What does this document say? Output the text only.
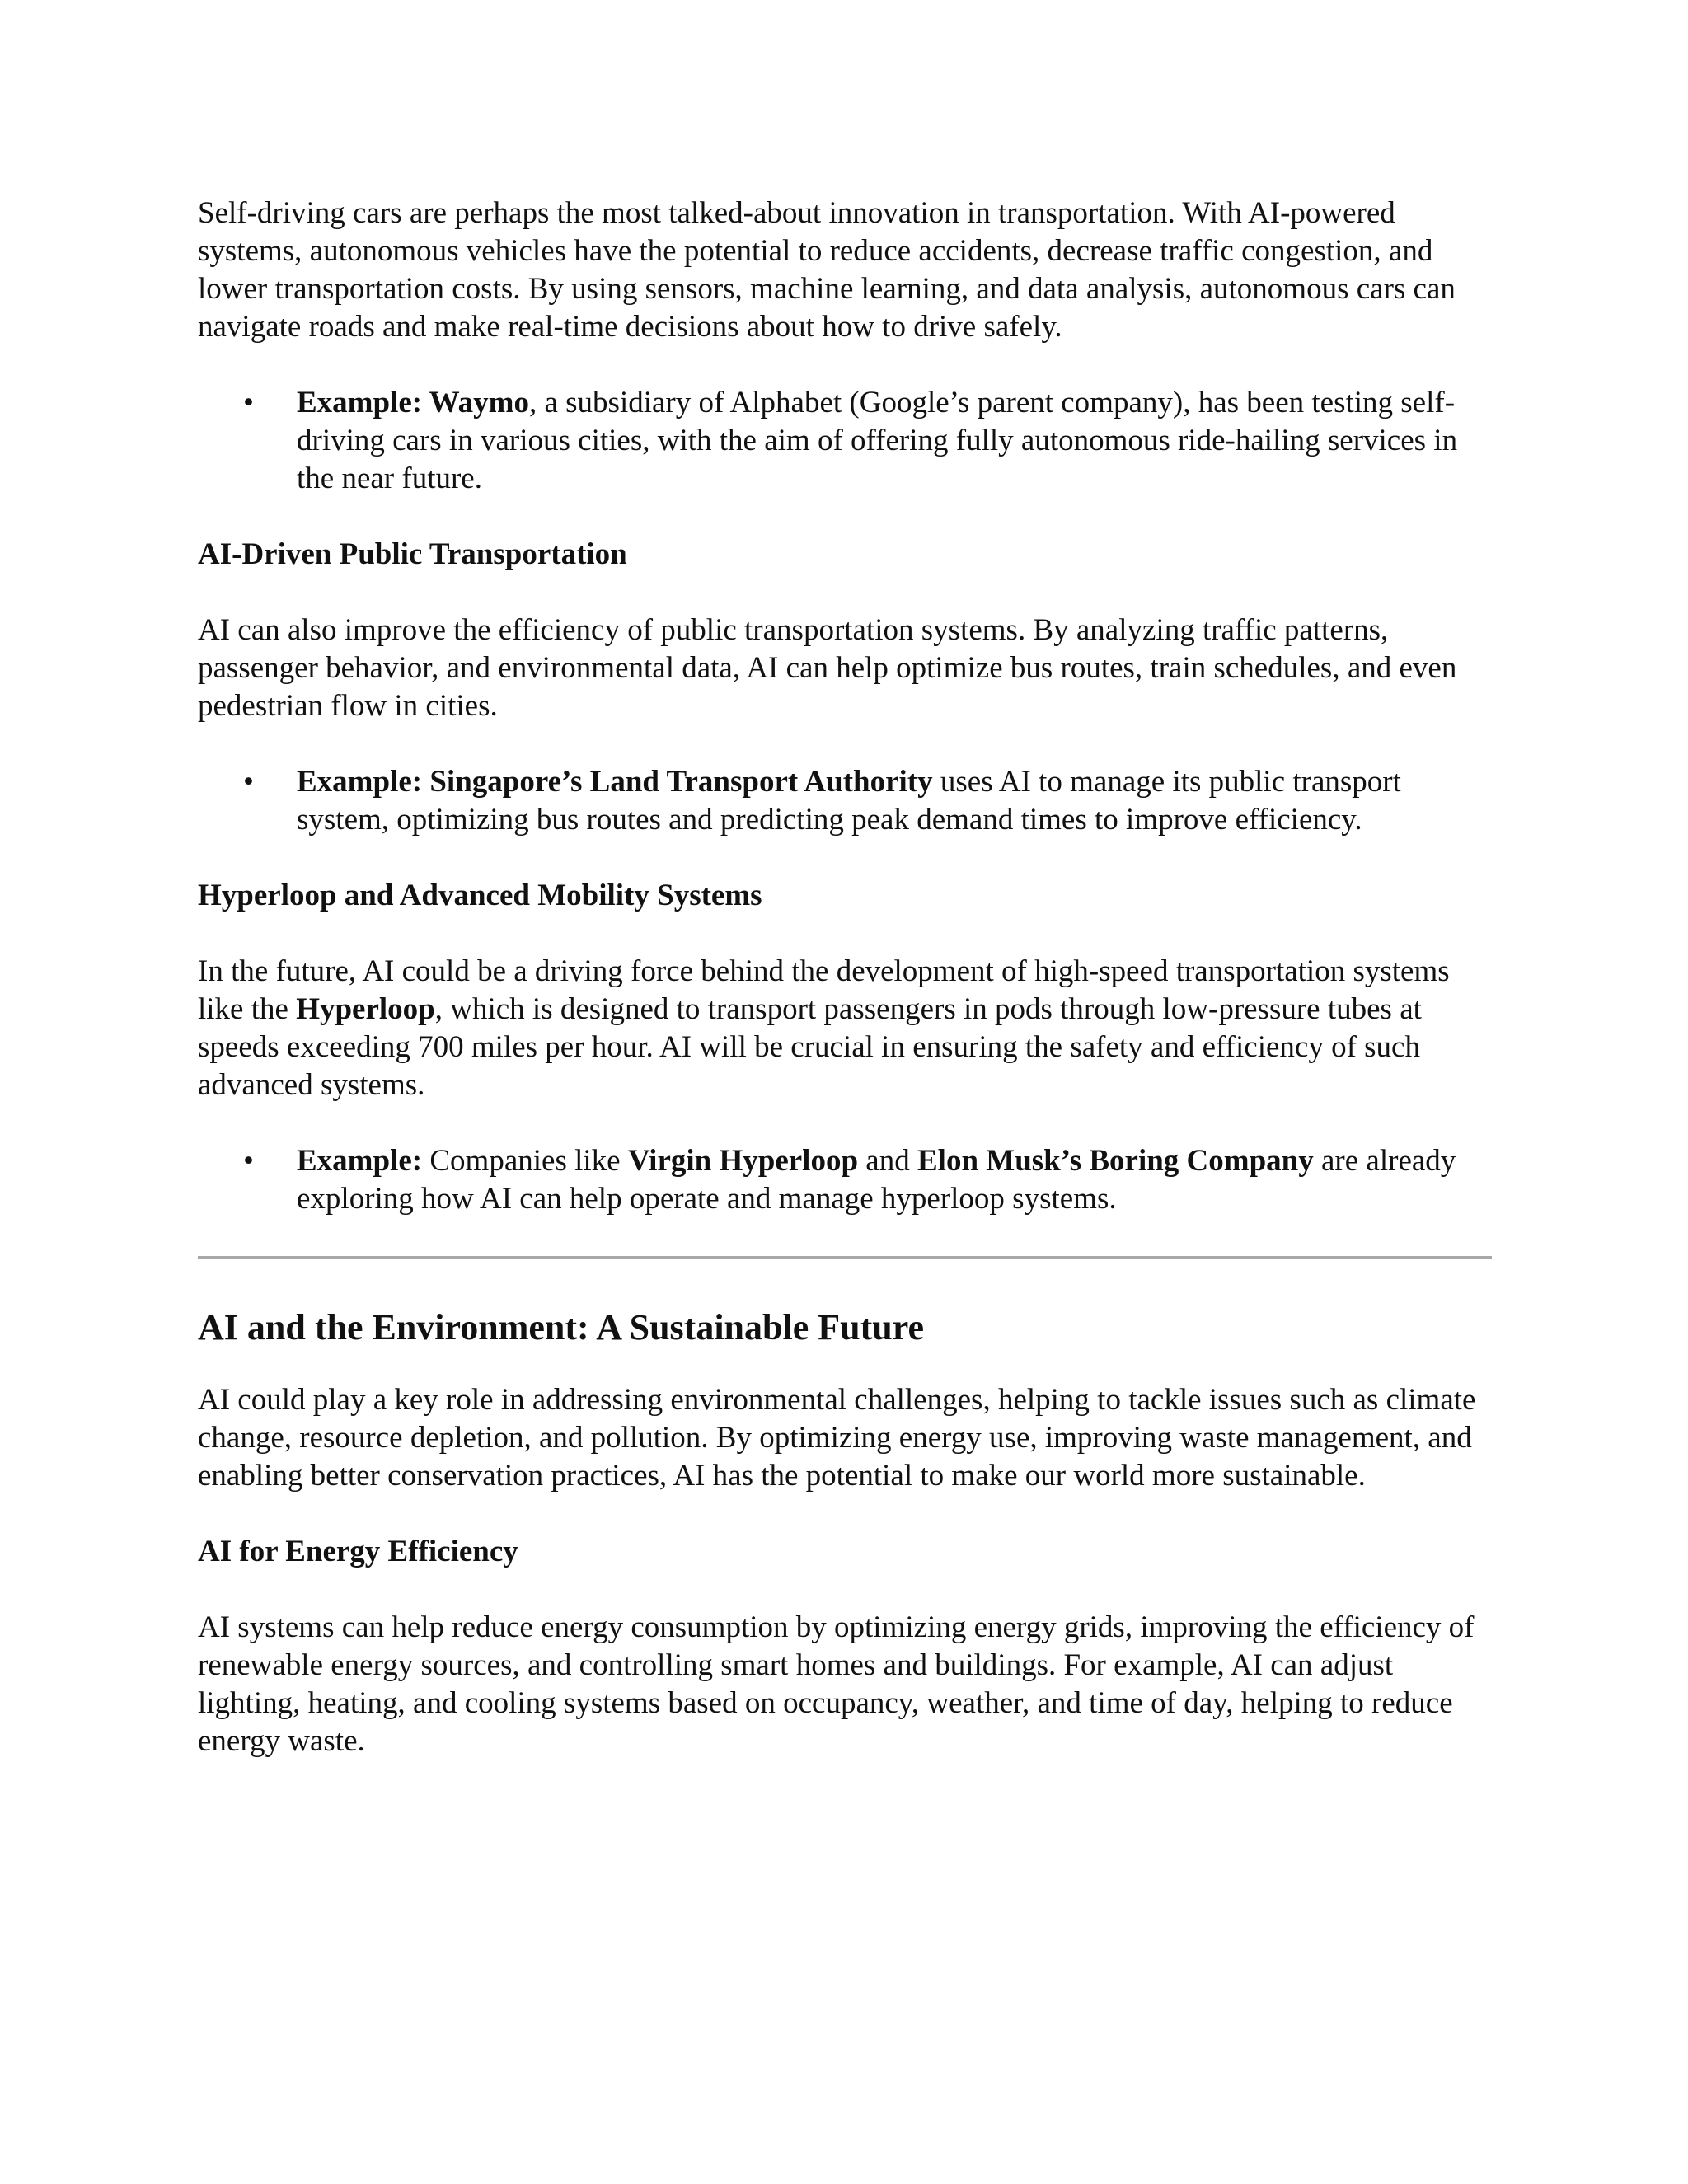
Self-driving cars are perhaps the most talked-about innovation in transportation. With AI-powered systems, autonomous vehicles have the potential to reduce accidents, decrease traffic congestion, and lower transportation costs. By using sensors, machine learning, and data analysis, autonomous cars can navigate roads and make real-time decisions about how to drive safely.

• Example: Waymo, a subsidiary of Alphabet (Google’s parent company), has been testing self-driving cars in various cities, with the aim of offering fully autonomous ride-hailing services in the near future.
AI-Driven Public Transportation

AI can also improve the efficiency of public transportation systems. By analyzing traffic patterns, passenger behavior, and environmental data, AI can help optimize bus routes, train schedules, and even pedestrian flow in cities.

• Example: Singapore’s Land Transport Authority uses AI to manage its public transport system, optimizing bus routes and predicting peak demand times to improve efficiency.
Hyperloop and Advanced Mobility Systems

In the future, AI could be a driving force behind the development of high-speed transportation systems like the Hyperloop, which is designed to transport passengers in pods through low-pressure tubes at speeds exceeding 700 miles per hour. AI will be crucial in ensuring the safety and efficiency of such advanced systems.

• Example: Companies like Virgin Hyperloop and Elon Musk’s Boring Company are already exploring how AI can help operate and manage hyperloop systems.
AI and the Environment: A Sustainable Future

AI could play a key role in addressing environmental challenges, helping to tackle issues such as climate change, resource depletion, and pollution. By optimizing energy use, improving waste management, and enabling better conservation practices, AI has the potential to make our world more sustainable.

AI for Energy Efficiency

AI systems can help reduce energy consumption by optimizing energy grids, improving the efficiency of renewable energy sources, and controlling smart homes and buildings. For example, AI can adjust lighting, heating, and cooling systems based on occupancy, weather, and time of day, helping to reduce energy waste.
